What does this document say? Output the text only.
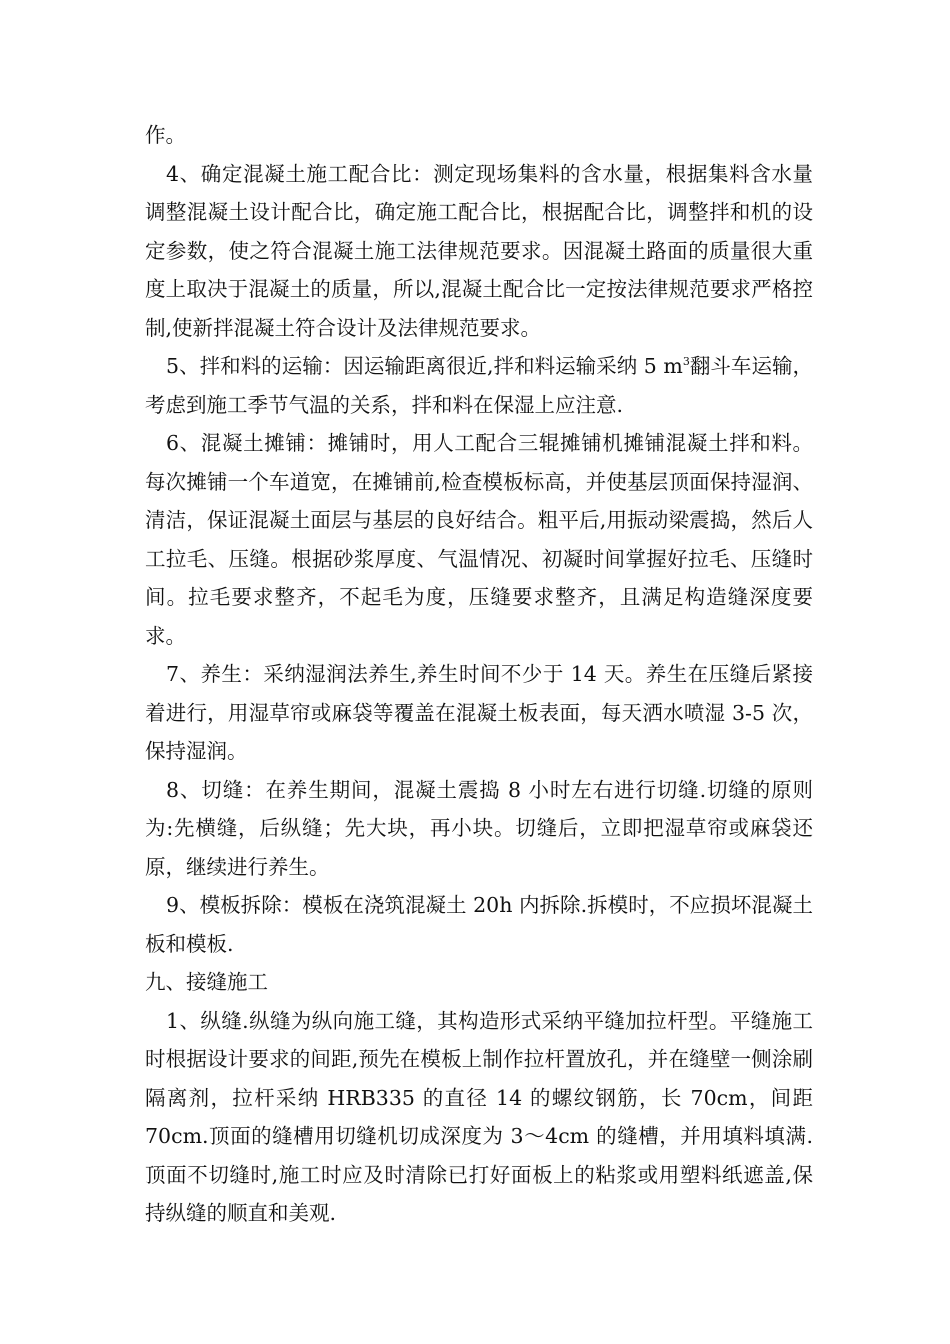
作。

4、确定混凝土施工配合比：测定现场集料的含水量，根据集料含水量调整混凝土设计配合比，确定施工配合比，根据配合比，调整拌和机的设定参数，使之符合混凝土施工法律规范要求。因混凝土路面的质量很大重度上取决于混凝土的质量，所以,混凝土配合比一定按法律规范要求严格控制,使新拌混凝土符合设计及法律规范要求。

5、拌和料的运输：因运输距离很近,拌和料运输采纳 5 $m^3$翻斗车运输，考虑到施工季节气温的关系，拌和料在保湿上应注意.

6、混凝土摊铺：摊铺时，用人工配合三辊摊铺机摊铺混凝土拌和料。每次摊铺一个车道宽，在摊铺前,检查模板标高，并使基层顶面保持湿润、清洁，保证混凝土面层与基层的良好结合。粗平后,用振动梁震捣，然后人工拉毛、压缝。根据砂浆厚度、气温情况、初凝时间掌握好拉毛、压缝时间。拉毛要求整齐，不起毛为度，压缝要求整齐，且满足构造缝深度要求。

7、养生：采纳湿润法养生,养生时间不少于 14 天。养生在压缝后紧接着进行，用湿草帘或麻袋等覆盖在混凝土板表面，每天洒水喷湿 3-5 次，保持湿润。

8、切缝：在养生期间，混凝土震捣 8 小时左右进行切缝.切缝的原则为:先横缝，后纵缝；先大块，再小块。切缝后，立即把湿草帘或麻袋还原，继续进行养生。

9、模板拆除：模板在浇筑混凝土 20h 内拆除.拆模时，不应损坏混凝土板和模板.

九、接缝施工

1、纵缝.纵缝为纵向施工缝，其构造形式采纳平缝加拉杆型。平缝施工时根据设计要求的间距,预先在模板上制作拉杆置放孔，并在缝壁一侧涂刷隔离剂，拉杆采纳 HRB335 的直径 14 的螺纹钢筋，长 70cm，间距 70cm.顶面的缝槽用切缝机切成深度为 3～4cm 的缝槽，并用填料填满.顶面不切缝时,施工时应及时清除已打好面板上的粘浆或用塑料纸遮盖,保持纵缝的顺直和美观.
